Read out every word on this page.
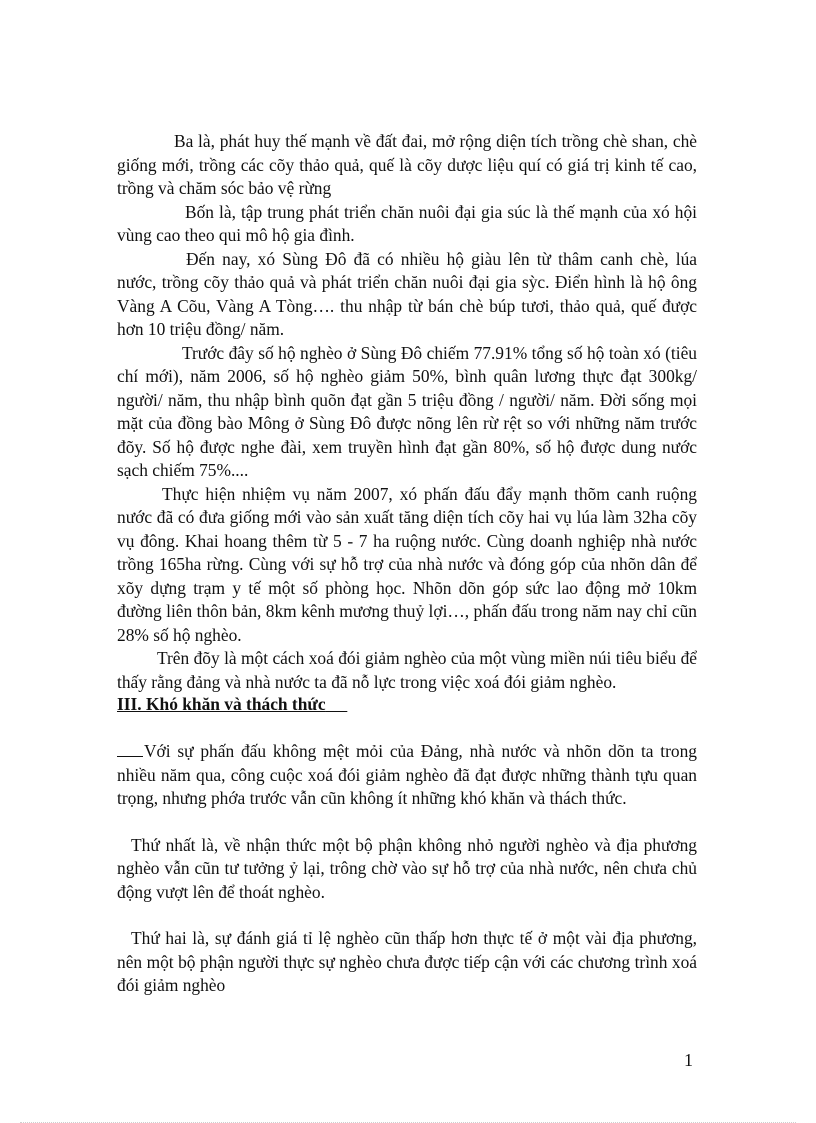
Ba là, phát huy thế mạnh về đất đai, mở rộng diện tích trồng chè shan, chè giống mới, trồng các cõy thảo quả, quế là cõy dược liệu quí có giá trị kinh tế cao, trồng và chăm sóc bảo vệ rừng

Bốn là, tập trung phát triển chăn nuôi đại gia súc là thế mạnh của xó hội vùng cao theo qui mô hộ gia đình.

Đến nay, xó Sùng Đô đã có nhiều hộ giàu lên từ thâm canh chè, lúa nước, trồng cõy thảo quả và phát triển chăn nuôi đại gia sỳc. Điển hình là hộ ông Vàng A Cõu, Vàng A Tòng…. thu nhập từ bán chè búp tươi, thảo quả, quế được hơn 10 triệu đồng/ năm.

Trước đây số hộ nghèo ở Sùng Đô chiếm 77.91% tổng số hộ toàn xó (tiêu chí mới), năm 2006, số hộ nghèo giảm 50%, bình quân lương thực đạt 300kg/ người/ năm, thu nhập bình quõn đạt gần 5 triệu đồng / người/ năm. Đời sống mọi mặt của đồng bào Mông ở Sùng Đô được nõng lên rừ rệt so với những năm trước đõy. Số hộ được nghe đài, xem truyền hình đạt gần 80%, số hộ được dung nước sạch chiếm 75%....

Thực hiện nhiệm vụ năm 2007, xó phấn đấu đẩy mạnh thõm canh ruộng nước đã có đưa giống mới vào sản xuất tăng diện tích cõy hai vụ lúa làm 32ha cõy vụ đông. Khai hoang thêm từ 5 - 7 ha ruộng nước. Cùng doanh nghiệp nhà nước trồng 165ha rừng. Cùng với sự hỗ trợ của nhà nước và đóng góp của nhõn dân để xõy dựng trạm y tế một số phòng học. Nhõn dõn góp sức lao động mở 10km đường liên thôn bản, 8km kênh mương thuỷ lợi…, phấn đấu trong năm nay chỉ cũn 28% số hộ nghèo.

Trên đõy là một cách xoá đói giảm nghèo của một vùng miền núi tiêu biểu để thấy rằng đảng và nhà nước ta đã nỗ lực trong việc xoá đói giảm nghèo.

III. Khó khăn và thách thức

Với sự phấn đấu không mệt mỏi của Đảng, nhà nước và nhõn dõn ta trong nhiều năm qua, công cuộc xoá đói giảm nghèo đã đạt được những thành tựu quan trọng, nhưng phớa trước vẫn cũn không ít những khó khăn và thách thức.

Thứ nhất là, về nhận thức một bộ phận không nhỏ người nghèo và địa phương nghèo vẫn cũn tư tưởng ỷ lại, trông chờ vào sự hỗ trợ của nhà nước, nên chưa chủ động vượt lên để thoát nghèo.

Thứ hai là, sự đánh giá tỉ lệ nghèo cũn thấp hơn thực tế ở một vài địa phương, nên một bộ phận người thực sự nghèo chưa được tiếp cận với các chương trình xoá đói giảm nghèo

1
